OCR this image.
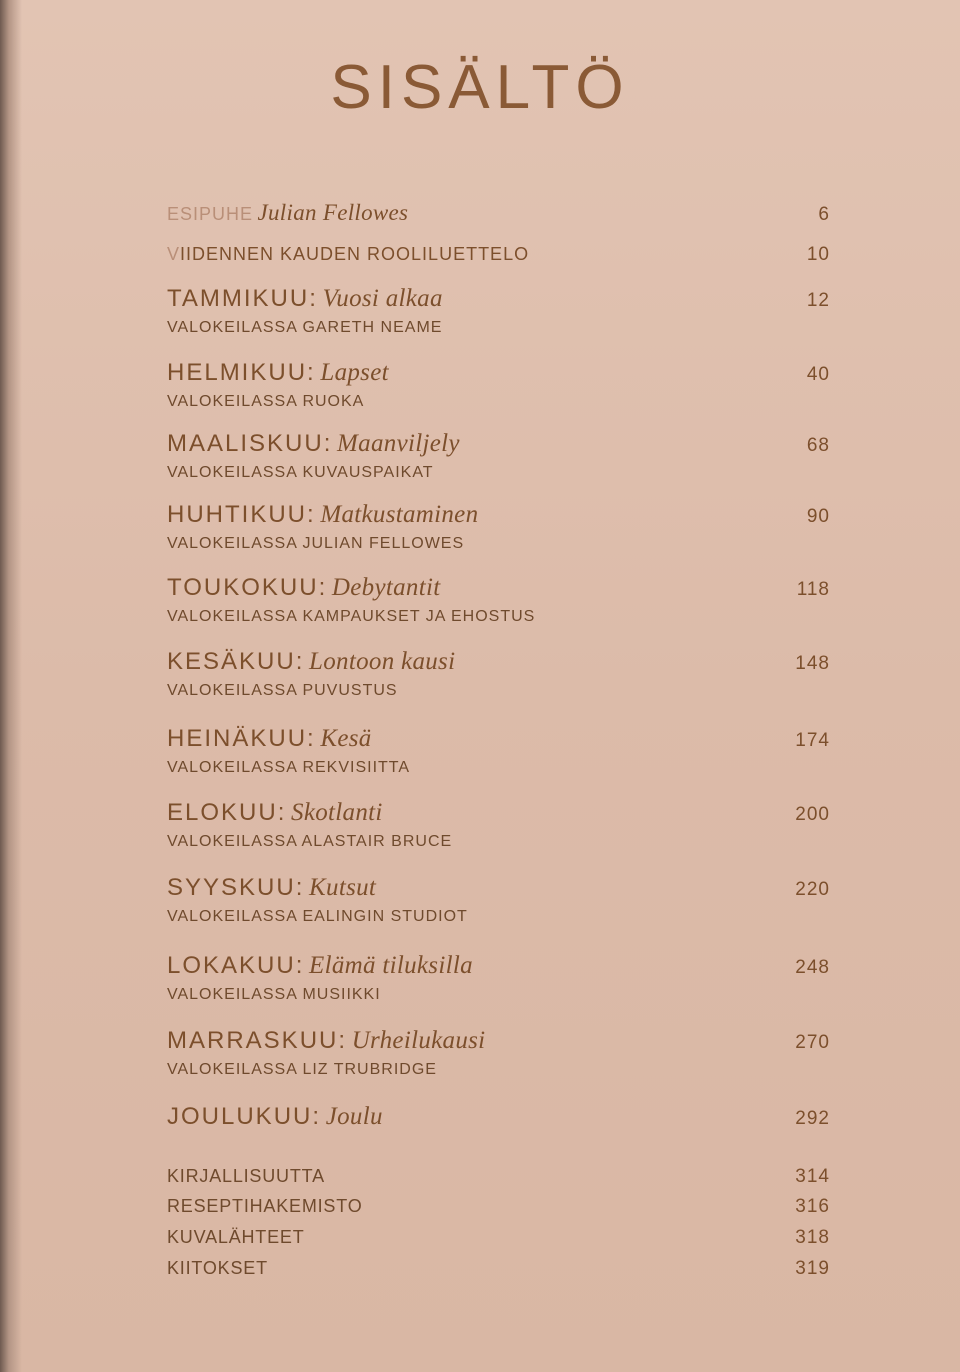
SISÄLTÖ
ESIPUHE Julian Fellowes	6
VIIDENNEN KAUDEN ROOLILUETTELO	10
TAMMIKUU: Vuosi alkaa	12
VALOKEILASSA GARETH NEAME
HELMIKUU: Lapset	40
VALOKEILASSA RUOKA
MAALISKUU: Maanviljely	68
VALOKEILASSA KUVAUSPAIKAT
HUHTIKUU: Matkustaminen	90
VALOKEILASSA JULIAN FELLOWES
TOUKOKUU: Debytantit	118
VALOKEILASSA KAMPAUKSET JA EHOSTUS
KESÄKUU: Lontoon kausi	148
VALOKEILASSA PUVUSTUS
HEINÄKUU: Kesä	174
VALOKEILASSA REKVISIITTA
ELOKUU: Skotlanti	200
VALOKEILASSA ALASTAIR BRUCE
SYYSKUU: Kutsut	220
VALOKEILASSA EALINGIN STUDIOT
LOKAKUU: Elämä tiluksilla	248
VALOKEILASSA MUSIIKKI
MARRASKUU: Urheilukausi	270
VALOKEILASSA LIZ TRUBRIDGE
JOULUKUU: Joulu	292
KIRJALLISUUTTA	314
RESEPTIHAKEMISTO	316
KUVALÄHTEET	318
KIITOKSET	319
